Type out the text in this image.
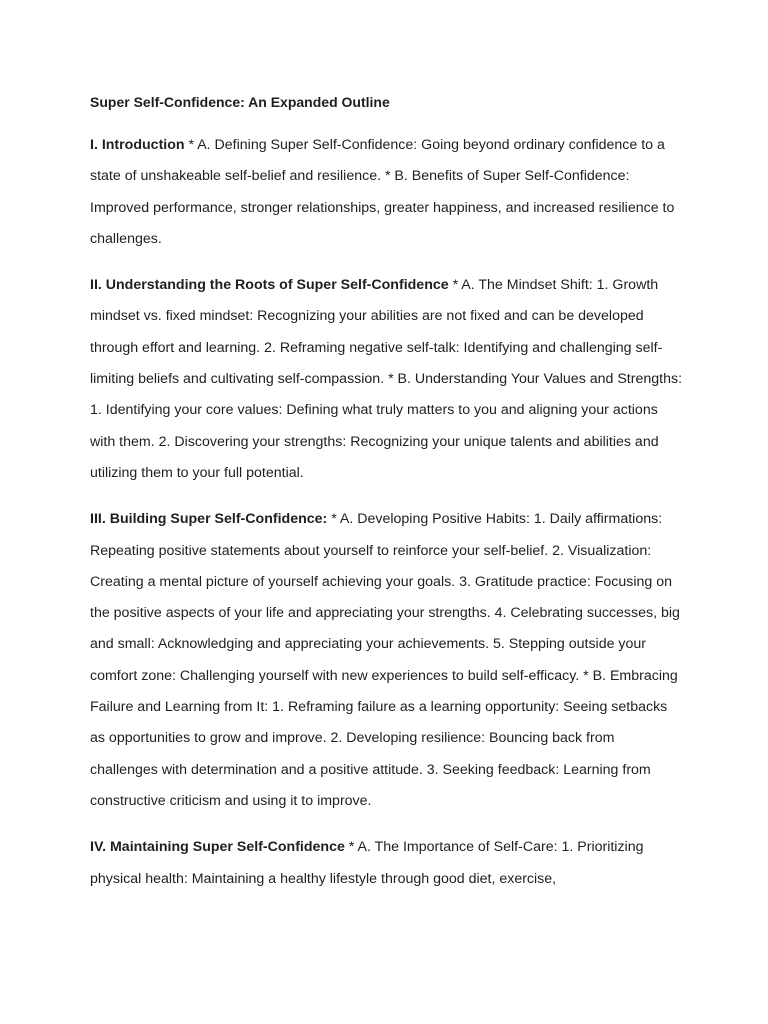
Super Self-Confidence: An Expanded Outline

I. Introduction * A. Defining Super Self-Confidence: Going beyond ordinary confidence to a state of unshakeable self-belief and resilience. * B. Benefits of Super Self-Confidence: Improved performance, stronger relationships, greater happiness, and increased resilience to challenges.

II. Understanding the Roots of Super Self-Confidence * A. The Mindset Shift: 1. Growth mindset vs. fixed mindset: Recognizing your abilities are not fixed and can be developed through effort and learning. 2. Reframing negative self-talk: Identifying and challenging self-limiting beliefs and cultivating self-compassion. * B. Understanding Your Values and Strengths: 1. Identifying your core values: Defining what truly matters to you and aligning your actions with them. 2. Discovering your strengths: Recognizing your unique talents and abilities and utilizing them to your full potential.

III. Building Super Self-Confidence: * A. Developing Positive Habits: 1. Daily affirmations: Repeating positive statements about yourself to reinforce your self-belief. 2. Visualization: Creating a mental picture of yourself achieving your goals. 3. Gratitude practice: Focusing on the positive aspects of your life and appreciating your strengths. 4. Celebrating successes, big and small: Acknowledging and appreciating your achievements. 5. Stepping outside your comfort zone: Challenging yourself with new experiences to build self-efficacy. * B. Embracing Failure and Learning from It: 1. Reframing failure as a learning opportunity: Seeing setbacks as opportunities to grow and improve. 2. Developing resilience: Bouncing back from challenges with determination and a positive attitude. 3. Seeking feedback: Learning from constructive criticism and using it to improve.

IV. Maintaining Super Self-Confidence * A. The Importance of Self-Care: 1. Prioritizing physical health: Maintaining a healthy lifestyle through good diet, exercise,
